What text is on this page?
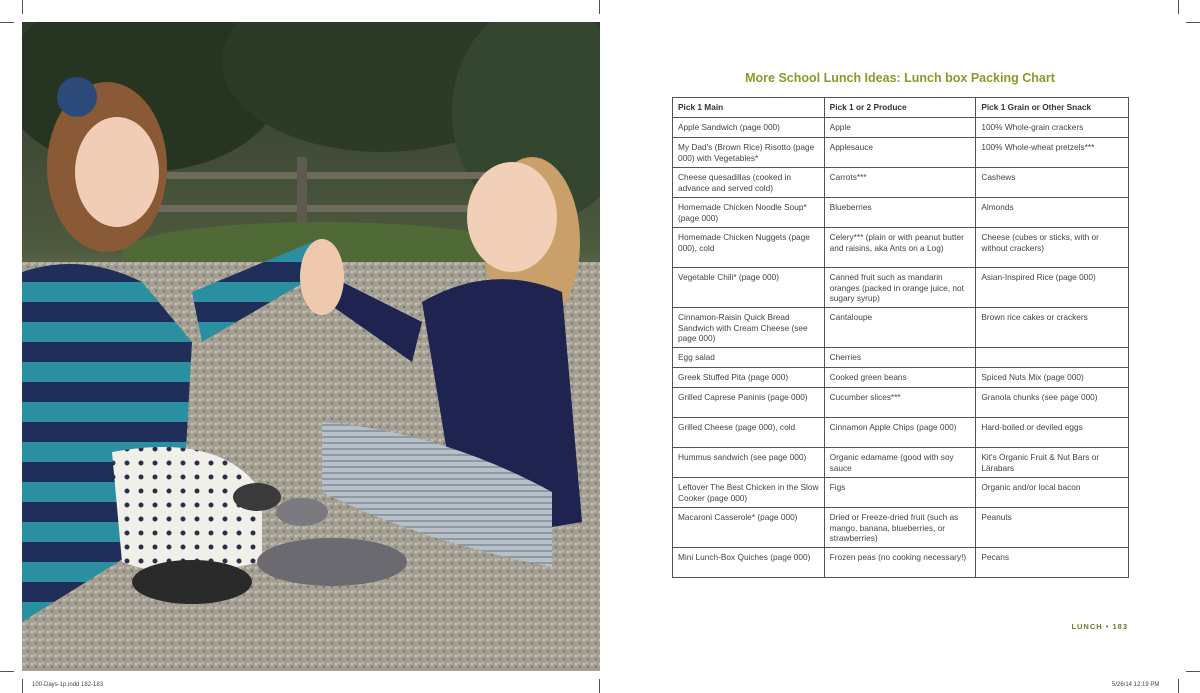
More School Lunch Ideas: Lunch box Packing Chart
Pick 1 Main	Pick 1 or 2 Produce	Pick 1 Grain or Other Snack
Apple Sandwich (page 000)	Apple	100% Whole-grain crackers
My Dad's (Brown Rice) Risotto (page 000) with Vegetables*	Applesauce	100% Whole-wheat pretzels***
Cheese quesadillas (cooked in advance and served cold)	Carrots***	Cashews
Homemade Chicken Noodle Soup* (page 000)	Blueberries	Almonds
Homemade Chicken Nuggets (page 000), cold	Celery*** (plain or with peanut butter and raisins, aka Ants on a Log)	Cheese (cubes or sticks, with or without crackers)
Vegetable Chili* (page 000)	Canned fruit such as mandarin oranges (packed in orange juice, not sugary syrup)	Asian-Inspired Rice (page 000)
Cinnamon-Raisin Quick Bread Sandwich with Cream Cheese (see page 000)	Cantaloupe	Brown rice cakes or crackers
Egg salad	Cherries	
Greek Stuffed Pita (page 000)	Cooked green beans	Spiced Nuts Mix (page 000)
Grilled Caprese Paninis (page 000)	Cucumber slices***	Granola chunks (see page 000)
Grilled Cheese (page 000), cold	Cinnamon Apple Chips (page 000)	Hard-boiled or deviled eggs
Hummus sandwich (see page 000)	Organic edamame (good with soy sauce	Kit's Organic Fruit & Nut Bars or Lärabars
Leftover The Best Chicken in the Slow Cooker (page 000)	Figs	Organic and/or local bacon
Macaroni Casserole* (page 000)	Dried or Freeze-dried fruit (such as mango, banana, blueberries, or strawberries)	Peanuts
Mini Lunch-Box Quiches (page 000)	Frozen peas (no cooking necessary!)	Pecans
LUNCH • 183
100-Days-1p.indd 182-183	5/26/14 12:19 PM
